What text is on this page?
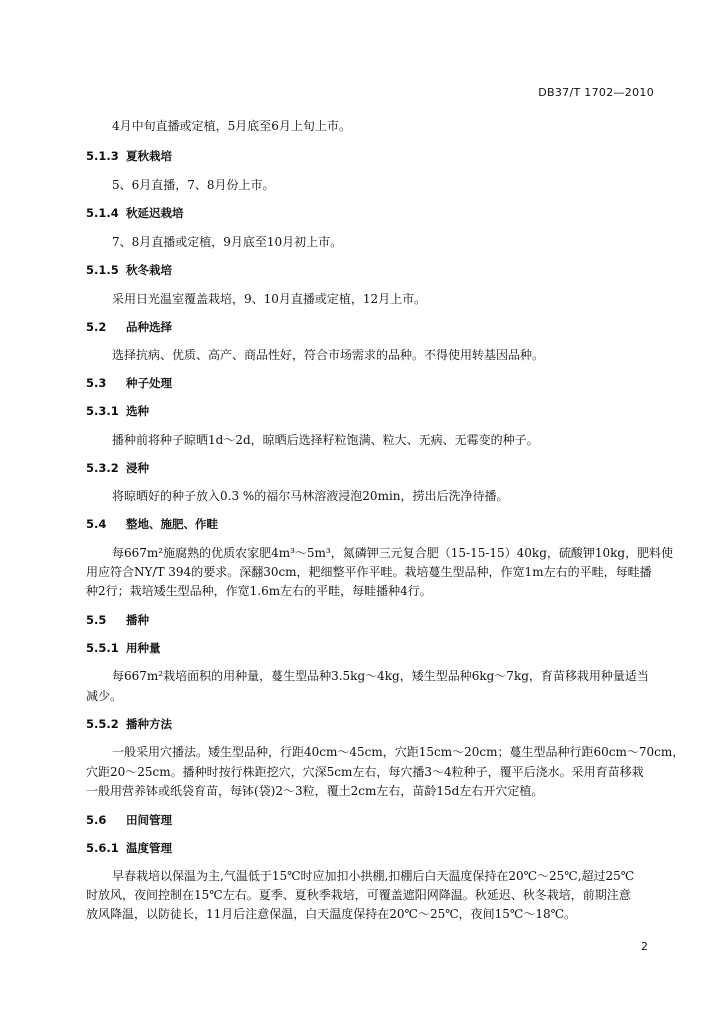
DB37/T 1702—2010
4月中旬直播或定植，5月底至6月上旬上市。
5.1.3 夏秋栽培
5、6月直播，7、8月份上市。
5.1.4 秋延迟栽培
7、8月直播或定植，9月底至10月初上市。
5.1.5 秋冬栽培
采用日光温室覆盖栽培，9、10月直播或定植，12月上市。
5.2 品种选择
选择抗病、优质、高产、商品性好，符合市场需求的品种。不得使用转基因品种。
5.3 种子处理
5.3.1 选种
播种前将种子晾晒1d～2d，晾晒后选择籽粒饱满、粒大、无病、无霉变的种子。
5.3.2 浸种
将晾晒好的种子放入0.3 %的福尔马林溶液浸泡20min，捞出后洗净待播。
5.4 整地、施肥、作畦
每667m²施腐熟的优质农家肥4m³～5m³，氮磷钾三元复合肥（15-15-15）40kg，硫酸钾10kg，肥料使
用应符合NY/T 394的要求。深翻30cm，耙细整平作平畦。栽培蔓生型品种，作宽1m左右的平畦，每畦播
种2行；栽培矮生型品种，作宽1.6m左右的平畦，每畦播种4行。
5.5 播种
5.5.1 用种量
每667m²栽培面积的用种量，蔓生型品种3.5kg～4kg，矮生型品种6kg～7kg，育苗移栽用种量适当
减少。
5.5.2 播种方法
一般采用穴播法。矮生型品种，行距40cm～45cm，穴距15cm～20cm；蔓生型品种行距60cm～70cm，
穴距20～25cm。播种时按行株距挖穴，穴深5cm左右，每穴播3～4粒种子，覆平后浇水。采用育苗移栽
一般用营养钵或纸袋育苗，每钵(袋)2～3粒，覆土2cm左右，苗龄15d左右开穴定植。
5.6 田间管理
5.6.1 温度管理
早春栽培以保温为主,气温低于15℃时应加扣小拱棚,扣棚后白天温度保持在20℃～25℃,超过25℃
时放风，夜间控制在15℃左右。夏季、夏秋季栽培，可覆盖遮阳网降温。秋延迟、秋冬栽培，前期注意
放风降温，以防徒长，11月后注意保温，白天温度保持在20℃～25℃，夜间15℃～18℃。
2
